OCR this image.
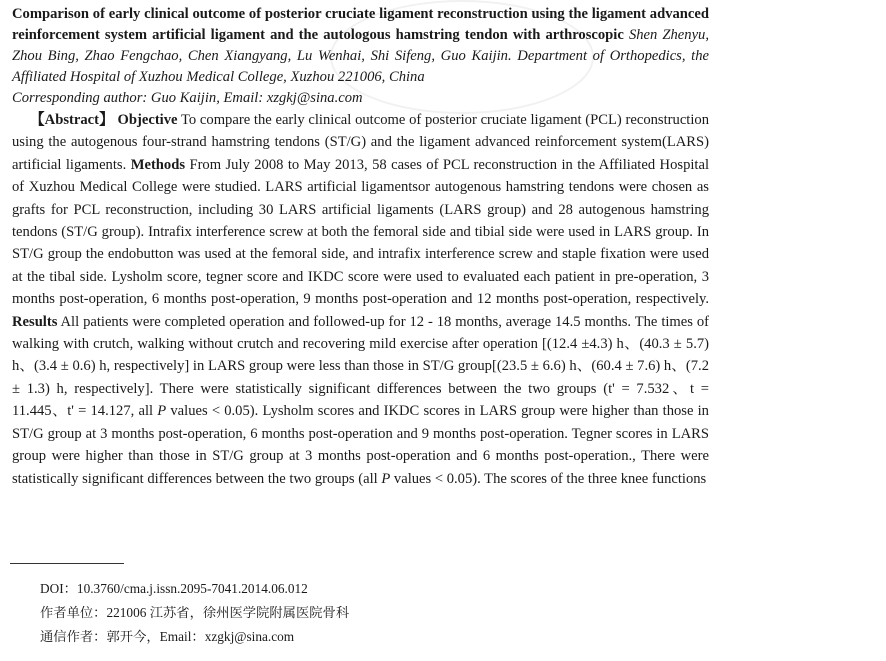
Comparison of early clinical outcome of posterior cruciate ligament reconstruction using the ligament advanced reinforcement system artificial ligament and the autologous hamstring tendon with arthroscopic Shen Zhenyu, Zhou Bing, Zhao Fengchao, Chen Xiangyang, Lu Wenhai, Shi Sifeng, Guo Kaijin. Department of Orthopedics, the Affiliated Hospital of Xuzhou Medical College, Xuzhou 221006, China

Corresponding author: Guo Kaijin, Email: xzgkj@sina.com

【Abstract】 Objective To compare the early clinical outcome of posterior cruciate ligament (PCL) reconstruction using the autogenous four-strand hamstring tendons (ST/G) and the ligament advanced reinforcement system(LARS) artificial ligaments. Methods From July 2008 to May 2013, 58 cases of PCL reconstruction in the Affiliated Hospital of Xuzhou Medical College were studied. LARS artificial ligamentsor autogenous hamstring tendons were chosen as grafts for PCL reconstruction, including 30 LARS artificial ligaments (LARS group) and 28 autogenous hamstring tendons (ST/G group). Intrafix interference screw at both the femoral side and tibial side were used in LARS group. In ST/G group the endobutton was used at the femoral side, and intrafix interference screw and staple fixation were used at the tibal side. Lysholm score, tegner score and IKDC score were used to evaluated each patient in pre-operation, 3 months post-operation, 6 months post-operation, 9 months post-operation and 12 months post-operation, respectively. Results All patients were completed operation and followed-up for 12 - 18 months, average 14.5 months. The times of walking with crutch, walking without crutch and recovering mild exercise after operation [(12.4 ±4.3) h、(40.3 ± 5.7) h、(3.4 ± 0.6) h, respectively] in LARS group were less than those in ST/G group[(23.5 ± 6.6) h、(60.4 ± 7.6) h、(7.2 ± 1.3) h, respectively]. There were statistically significant differences between the two groups (t' = 7.532、t = 11.445、t' = 14.127, all P values < 0.05). Lysholm scores and IKDC scores in LARS group were higher than those in ST/G group at 3 months post-operation, 6 months post-operation and 9 months post-operation. Tegner scores in LARS group were higher than those in ST/G group at 3 months post-operation and 6 months post-operation., There were statistically significant differences between the two groups (all P values < 0.05). The scores of the three knee functions

DOI：10.3760/cma.j.issn.2095-7041.2014.06.012
作者单位：221006 江苏省，徐州医学院附属医院骨科
通信作者：郭开今，Email：xzgkj@sina.com
